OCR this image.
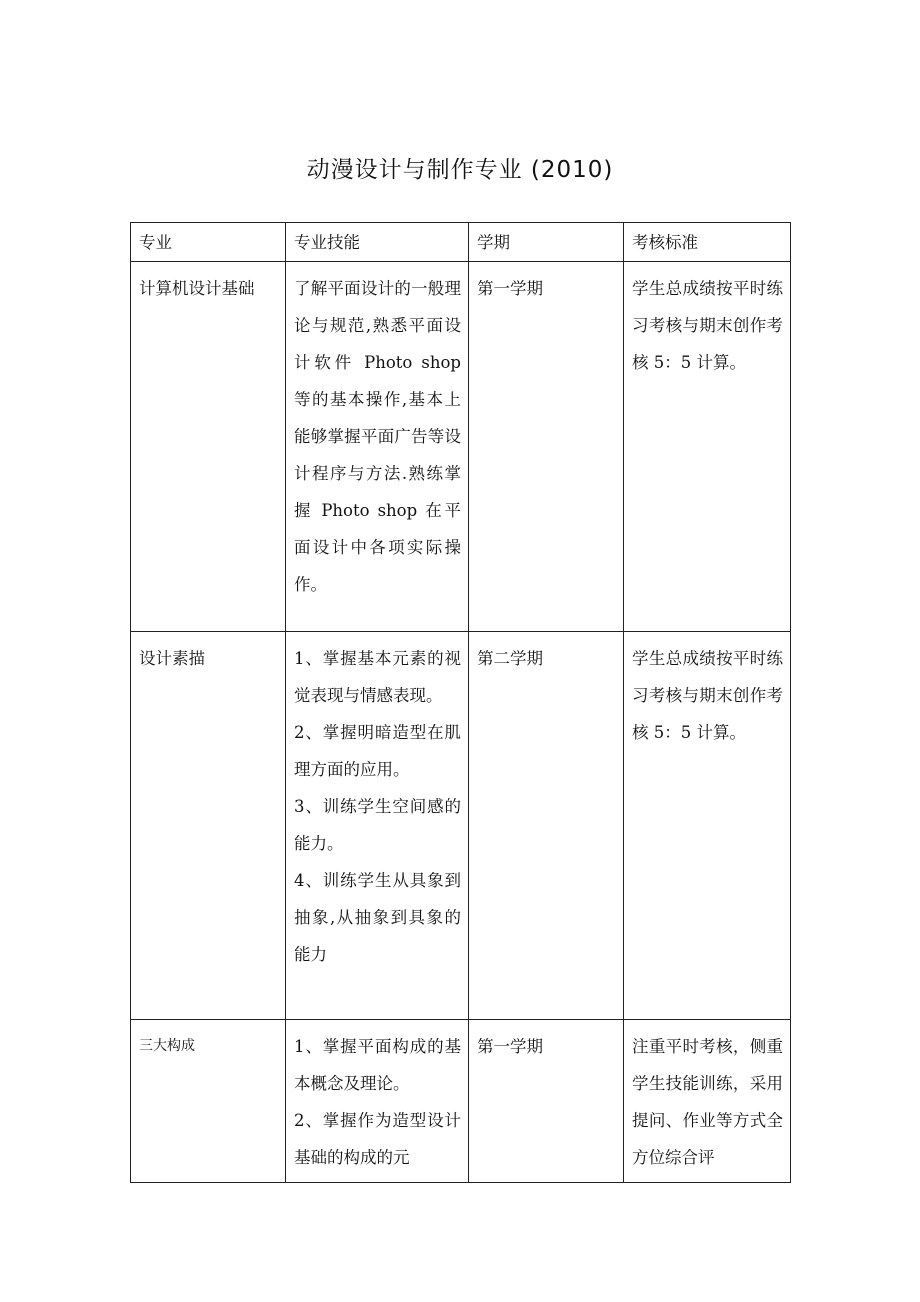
动漫设计与制作专业 (2010)
专业	专业技能	学期	考核标准

计算机设计基础	了解平面设计的一般理论与规范,熟悉平面设计软件 Photo shop 等的基本操作,基本上能够掌握平面广告等设计程序与方法.熟练掌握 Photo shop 在平面设计中各项实际操作。	第一学期	学生总成绩按平时练习考核与期末创作考核 5：5 计算。

设计素描	1、掌握基本元素的视觉表现与情感表现。
2、掌握明暗造型在肌理方面的应用。
3、训练学生空间感的能力。
4、训练学生从具象到抽象,从抽象到具象的能力	第二学期	学生总成绩按平时练习考核与期末创作考核 5：5 计算。

三大构成	1、掌握平面构成的基本概念及理论。
2、掌握作为造型设计基础的构成的元	第一学期	注重平时考核，侧重学生技能训练，采用提问、作业等方式全方位综合评
